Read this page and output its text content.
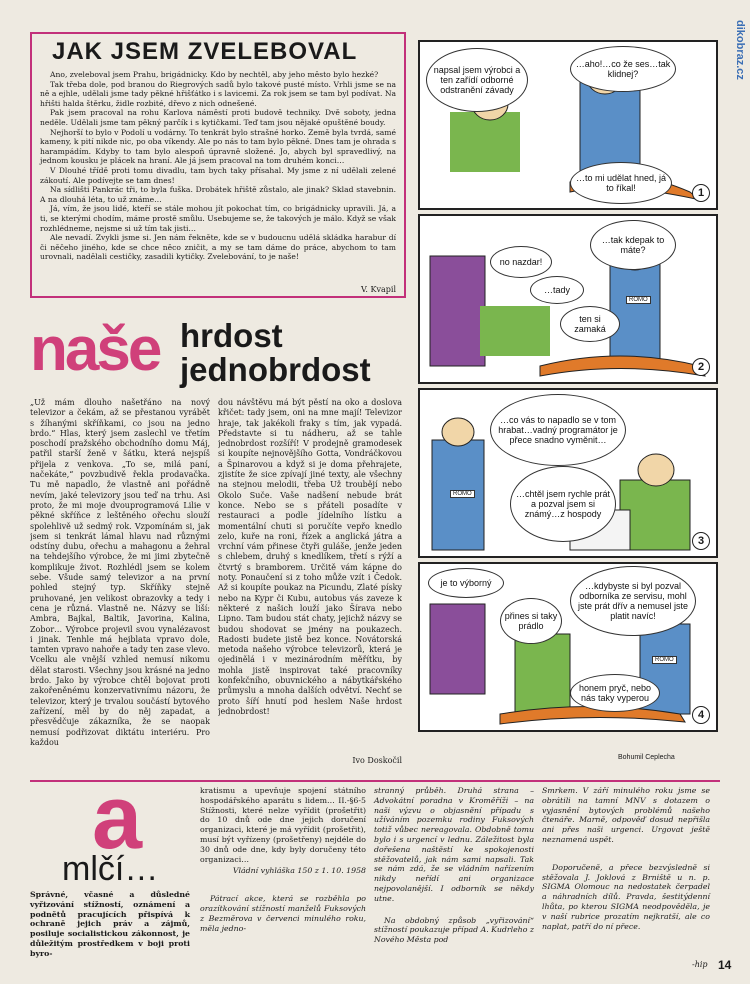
dikobraz.cz
JAK JSEM ZVELEBOVAL

Ano, zveleboval jsem Prahu, brigádnicky. Kdo by nechtěl, aby jeho město bylo hezké?

Tak třeba dole, pod branou do Riegrových sadů bylo takové pusté místo. Vrhli jsme se na ně a ejhle, udělali jsme tady pěkné hřišťátko i s lavicemi. Za rok jsem se tam byl podívat. Na hřišti halda štěrku, židle rozbité, dřevo z nich odnešené.

Pak jsem pracoval na rohu Karlova náměstí proti budově techniky. Dvě soboty, jedna neděle. Udělali jsme tam pěkný parčík i s kytičkami. Teď tam jsou nějaké opuštěné boudy.

Nejhorší to bylo v Podolí u vodárny. To tenkrát bylo strašné horko. Země byla tvrdá, samé kameny, k pití nikde nic, po oba víkendy. Ale po nás to tam bylo pěkné. Dnes tam je ohrada s harampádím. Kdyby to tam bylo alespoň úpravně složené. Jo, abych byl spravedlivý, na jednom kousku je plácek na hraní. Ale já jsem pracoval na tom druhém konci…

V Dlouhé třídě proti tomu divadlu, tam bych taky přísahal. My jsme z ní udělali zelené zákoutí. Ale podívejte se tam dnes!

Na sídlišti Pankrác tři, to byla fuška. Drobátek hřiště zůstalo, ale jinak? Sklad stavebnin. A na dlouhá léta, to už známe…

Já, vím, že jsou lidé, kteří se stále mohou jít pokochat tím, co brigádnicky upravili. Já, a ti, se kterými chodím, máme prostě smůlu. Usebujeme se, že takových je málo. Když se však rozhlédneme, nejsme si už tím tak jisti…

Ale nevadí. Zvykli jsme si. Jen nám řekněte, kde se v budoucnu udělá skládka harabur dí či něčeho jiného, kde se chce něco zničit, a my se tam dáme do práce, abychom to tam urovnali, nadělali cestičky, zasadili kytičky. Zvelebování, to je naše!

V. Kvapil
naše hrdost
jednobrdost
„Už mám dlouho našetřáno na nový televizor a čekám, až se přestanou vyrábět s žíhanými skříňkami, co jsou na jedno brdo.“ Hlas, který jsem zaslechl ve třetím poschodí pražského obchodního domu Máj, patřil starší ženě v šátku, která nejspíš přijela z venkova. „To se, milá paní, načekáte,“ povzbudivě řekla prodavačka. Tu mě napadlo, že vlastně ani pořádně nevím, jaké televizory jsou teď na trhu. Asi proto, že mi moje dvouprogramová Lilie v pěkné skříňce z leštěného ořechu slouží spolehlivě už sedmý rok. Vzpomínám si, jak jsem si tenkrát lámal hlavu nad různými odstíny dubu, ořechu a mahagonu a žehral na tehdejšího výrobce, že mi jimi zbytečně komplikuje život. Rozhlédl jsem se kolem sebe. Všude samý televizor a na první pohled stejný typ. Skříňky stejně pruhované, jen velikost obrazovky a tedy i cena je různá. Vlastně ne. Názvy se liší: Ambra, Bajkal, Baltik, Javorina, Kalina, Zobor… Výrobce projevil svou vynalézavost i jinak. Tenhle má hejblata vpravo dole, tamten vpravo nahoře a tady ten zase vlevo. Vcelku ale vnější vzhled nemusí nikomu dělat starosti. Všechny jsou krásné na jedno brdo. Jako by výrobce chtěl bojovat proti zakořeněnému konzervativnímu názoru, že televizor, který je trvalou součástí bytového zařízení, měl by do něj zapadat, a přesvědčuje zákazníka, že se naopak nemusí podřizovat diktátu interiéru. Pro každou
dou návštěvu má být pěstí na oko a doslova křičet: tady jsem, oni na mne mají! Televizor hraje, tak jakékoli fraky s tím, jak vypadá. Představte si tu nádheru, až se tahle jednobrdost rozšíří! V prodejně gramodesek si koupíte nejnovějšího Gotta, Vondráčkovou a Špinarovou a když si je doma přehrajete, zjistíte že sice zpívají jiné texty, ale všechny na stejnou melodii, třeba Už troubějí nebo Okolo Suče. Vaše nadšení nebude brát konce. Nebo se s přáteli posadíte v restauraci a podle jídelního lístku a momentální chuti si poručíte vepřo knedlo zelo, kuře na roni, řízek a anglická játra a vrchní vám přinese čtyři guláše, jenže jeden s chlebem, druhý s knedlíkem, třetí s rýží a čtvrtý s bramborem. Určitě vám kápne do noty. Ponaučení si z toho může vzít i Čedok. Až si koupíte poukaz na Picundu, Zlaté písky nebo na Kypr či Kubu, autobus vás zaveze k některé z našich louží jako Šírava nebo Lipno. Tam budou stát chaty, jejichž názvy se budou shodovat se jmény na poukazech. Radosti budete jistě bez konce. Novátorská metoda našeho výrobce televizorů, která je ojedinělá i v mezinárodním měřítku, by mohla jistě inspirovat také pracovníky konfekčního, obuvnického a nábytkářského průmyslu a mnoha dalších odvětví. Nechť se proto šíří hnutí pod heslem Naše hrdost jednobrdost!
Ivo Doskočil
napsal jsem výrobci a ten zařídí odborné odstranění závady
…aho!…co že ses…tak klidnej?
…to mi udělat hned, já to říkal!	1
ROMO
…tak kdepak to máte?
no nazdar!
…tady
ten si zamaká
2
ROMO
…co vás to napadlo se v tom hrabat…vadný programátor je přece snadno vyměnit…
…chtěl jsem rychle prát a pozval jsem si známý…z hospody
3
ROMO
je to výborný	…kdybyste si byl pozval odborníka ze servisu, mohl jste prát dřív a nemusel jste platit navíc!
přines si taky prádlo
honem pryč, nebo nás taky vyperou
4
Bohumil Ceplecha
a
mlčí…
Správné, včasné a důsledné vyřizování stížností, oznámení a podnětů pracujících přispívá k ochraně jejich práv a zájmů, posiluje socialistickou zákonnost, je důležitým prostředkem v boji proti byro-
kratismu a upevňuje spojení státního hospodářského aparátu s lidem… II.-§6-5 Stížnosti, které nelze vyřídit (prošetřit) do 10 dnů ode dne jejich doručení organizaci, které je má vyřídit (prošetřit), musí být vyřízeny (prošetřeny) nejdéle do 30 dnů ode dne, kdy byly doručeny této organizaci…
Vládní vyhláška 150 z 1. 10. 1958
Pátrací akce, která se rozběhla po orazítkování stížností manželů Fuksových z Bezměrova v červenci minulého roku, měla jedno-
stranný průběh. Druhá strana – Advokátní poradna v Kroměříži – na naši výzvu o objasnění případu s užíváním pozemku rodiny Fuksových totiž vůbec nereagovala. Obdobně tomu bylo i s urgencí v lednu. Záležitost byla dořešena naštěstí ke spokojenosti stěžovatelů, jak nám sami napsali. Tak se nám zdá, že se vládním nařízením nikdy neřídí ani organizace nejpovolanější. I odborník se někdy utne.
Na obdobný způsob „vyřizování“ stížností poukazuje případ A. Kudrleho z Nového Města pod
Smrkem. V září minulého roku jsme se obrátili na tamní MNV s dotazem o vyjasnění bytových problémů našeho čtenáře. Marně, odpověď dosud nepřišla ani přes naši urgenci. Urgovat ještě neznamená uspět.
Doporučeně, a přece bezvýsledně si stěžovala J. Joklová z Brniště u n. p. SIGMA Olomouc na nedostatek čerpadel a náhradních dílů. Pravda, šestitýdenní lhůta, po kterou SIGMA neodpověděla, je v naší rubrice prozatím nejkratší, ale co naplat, patří do ní přece.
-hip 14
